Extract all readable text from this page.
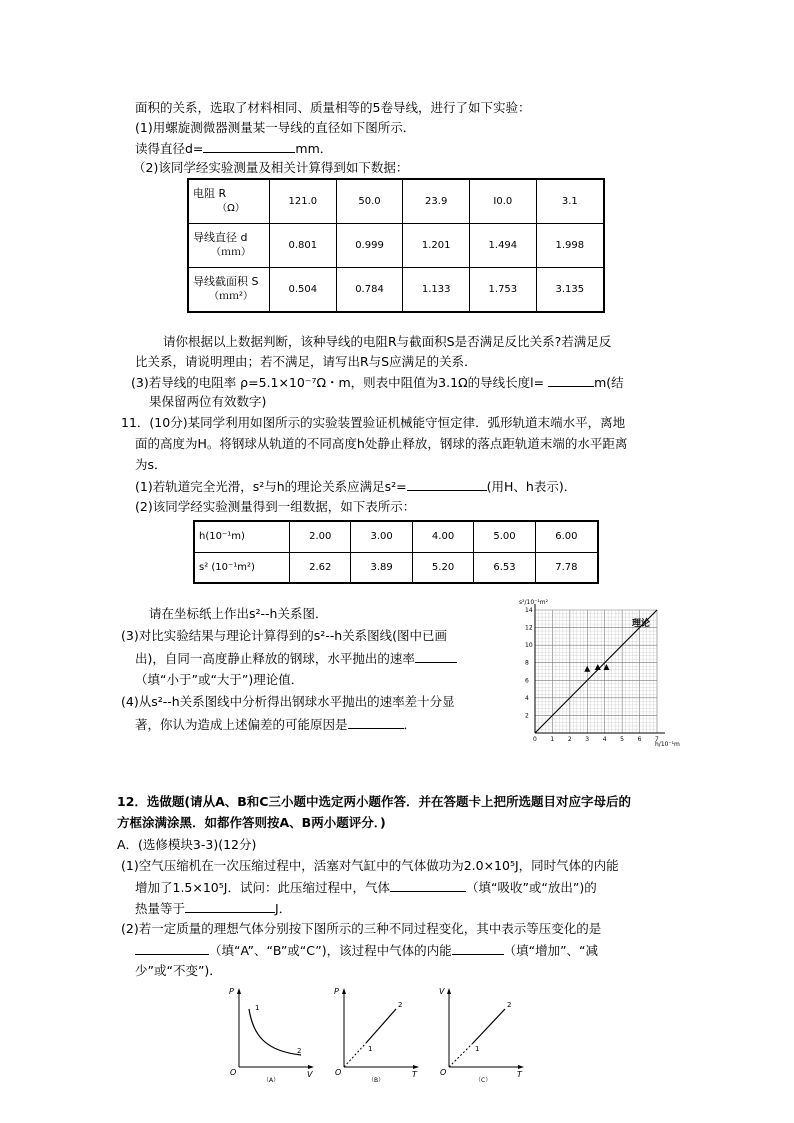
面积的关系，选取了材料相同、质量相等的5卷导线，进行了如下实验：
(1)用螺旋测微器测量某一导线的直径如下图所示．
读得直径d=	mm．
（2)该同学经实验测量及相关计算得到如下数据：
电阻 R
（Ω）	121.0	50.0	23.9	I0.0	3.1

导线直径 d
（ｍｍ）	0.801	0.999	1.201	1.494	1.998

导线截面积 S
（ｍｍ²）	0.504	0.784	1.133	1.753	3.135
请你根据以上数据判断，该种导线的电阻R与截面积S是否满足反比关系?若满足反
比关系，请说明理由；若不满足，请写出R与S应满足的关系．
(3)若导线的电阻率 ρ=5.1×10⁻⁷Ω・m，则表中阻值为3.1Ω的导线长度l=	m(结
果保留两位有效数字)
11．(10分)某同学利用如图所示的实验装置验证机械能守恒定律．弧形轨道末端水平，离地
面的高度为H。将钢球从轨道的不同高度h处静止释放，钢球的落点距轨道末端的水平距离
为s．
(1)若轨道完全光滑，s²与h的理论关系应满足s²=	(用H、h表示)．
(2)该同学经实验测量得到一组数据，如下表所示：
h(10⁻¹m)	2.00	3.00	4.00	5.00	6.00
s² (10⁻¹m²)	2.62	3.89	5.20	6.53	7.78
请在坐标纸上作出s²--h关系图．
(3)对比实验结果与理论计算得到的s²--h关系图线(图中已画
出)，自同一高度静止释放的钢球，水平抛出的速率
（填“小于”或“大于”)理论值．
(4)从s²--h关系图线中分析得出钢球水平抛出的速率差十分显
著，你认为造成上述偏差的可能原因是	．
0 1 2 3 4 5 6 7
2
4
6
8
10
12
14
s²/10⁻¹m²
h/10⁻¹m
理论
12．选做题(请从A、B和C三小题中选定两小题作答．并在答题卡上把所选题目对应字母后的
方框涂满涂黑．如都作答则按A、B两小题评分．)
A．(选修模块3-3)(12分)
(1)空气压缩机在一次压缩过程中，活塞对气缸中的气体做功为2.0×10⁵J，同时气体的内能
增加了1.5×10⁵J．试问：此压缩过程中，气体	（填“吸收”或“放出”)的
热量等于	J．
(2)若一定质量的理想气体分别按下图所示的三种不同过程变化，其中表示等压变化的是
（填“A”、“B”或“C”)，该过程中气体的内能	（填“增加”、“减
少”或“不变”)．
P
V
O
1
2
（A）
P
T
O
1
2
（B）
V
T
O
1
2
（C）
